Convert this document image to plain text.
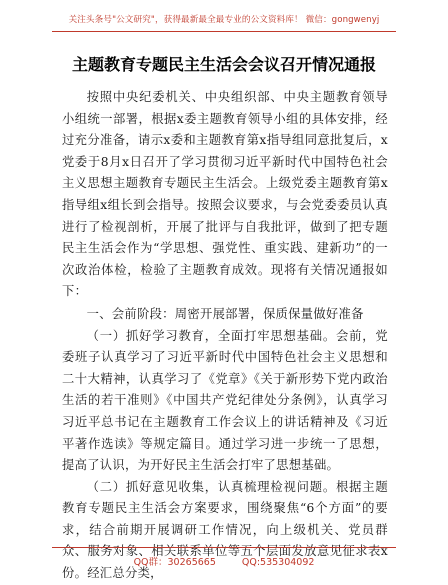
关注头条号"公文研究"，获得最新最全最专业的公文资料库！ 微信：gongwenyj
主题教育专题民主生活会会议召开情况通报

按照中央纪委机关、中央组织部、中央主题教育领导小组统一部署，根据x委主题教育领导小组的具体安排，经过充分准备，请示x委和主题教育第x指导组同意批复后，x党委于8月x日召开了学习贯彻习近平新时代中国特色社会主义思想主题教育专题民主生活会。上级党委主题教育第x指导组x组长到会指导。按照会议要求，与会党委委员认真进行了检视剖析，开展了批评与自我批评，做到了把专题民主生活会作为“学思想、强党性、重实践、建新功”的一次政治体检，检验了主题教育成效。现将有关情况通报如下：

一、会前阶段：周密开展部署，保质保量做好准备

（一）抓好学习教育，全面打牢思想基础。会前，党委班子认真学习了习近平新时代中国特色社会主义思想和二十大精神，认真学习了《党章》《关于新形势下党内政治生活的若干准则》《中国共产党纪律处分条例》，认真学习习近平总书记在主题教育工作会议上的讲话精神及《习近平著作选读》等规定篇目。通过学习进一步统一了思想，提高了认识，为开好民主生活会打牢了思想基础。

（二）抓好意见收集，认真梳理检视问题。根据主题教育专题民主生活会方案要求，围绕聚焦“6个方面”的要求，结合前期开展调研工作情况，向上级机关、党员群众、服务对象、相关联系单位等五个层面发放意见征求表x份。经汇总分类，

QQ群：30265665	QQ:535304092
